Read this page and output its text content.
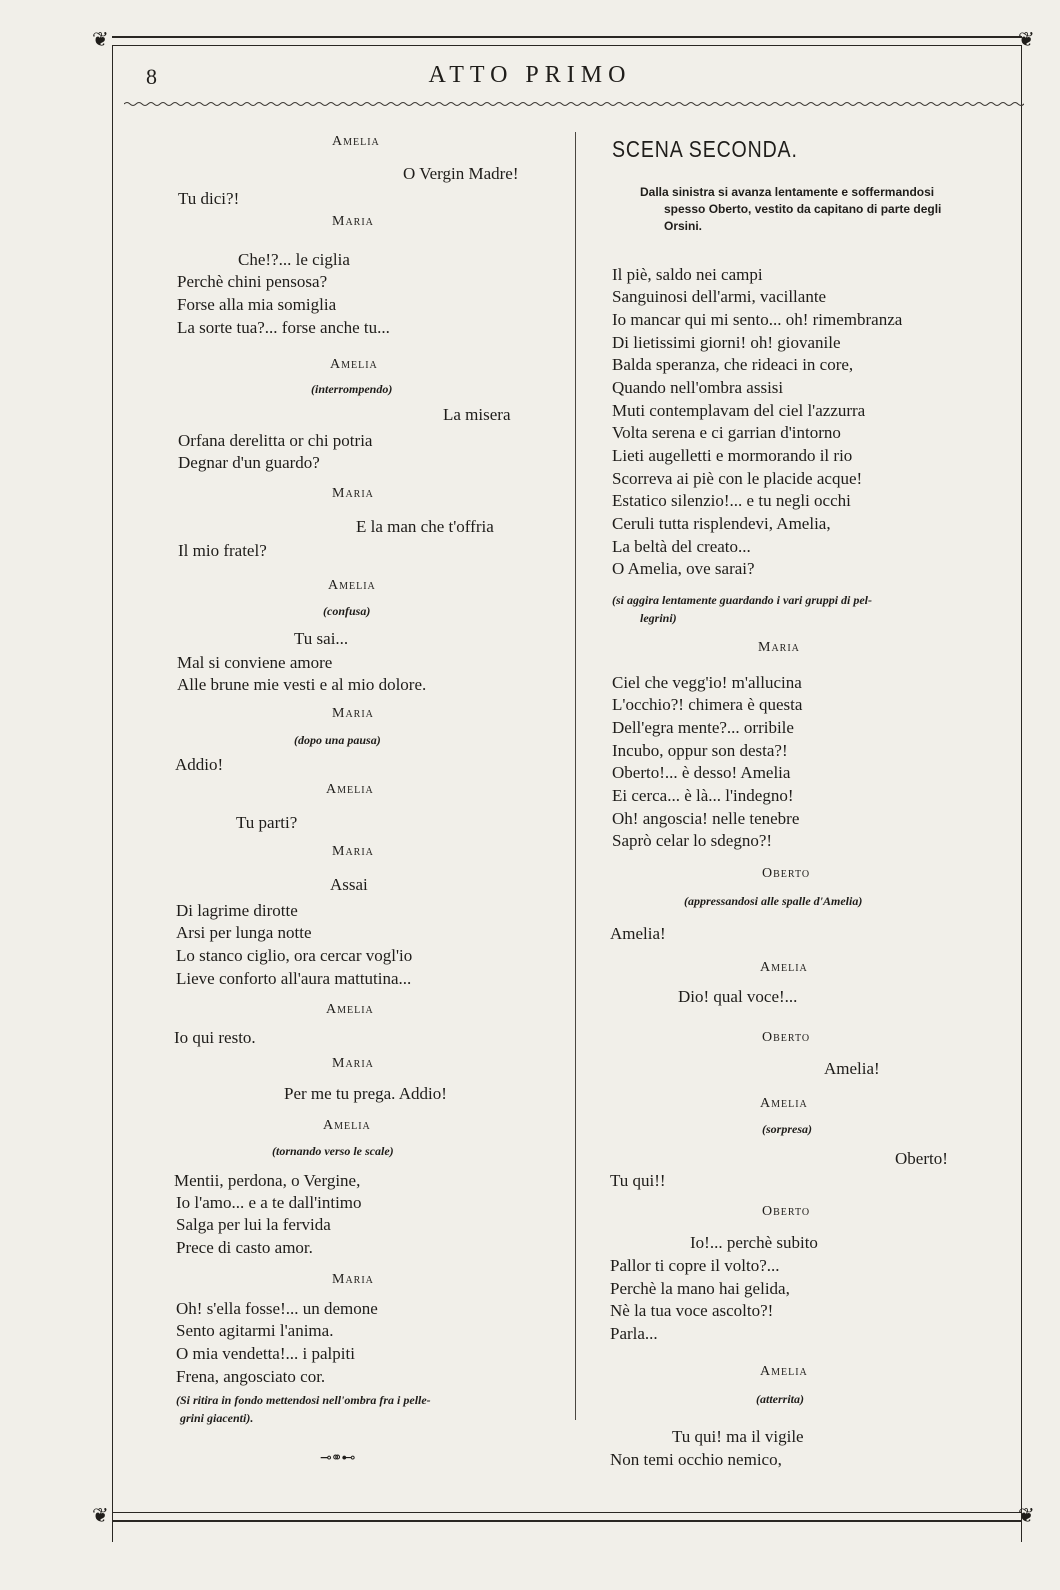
❦	❦
❦	❦
8	ATTO PRIMO
Amelia
O Vergin Madre!
Tu dici?!
Maria
Che!?... le ciglia
Perchè chini pensosa?
Forse alla mia somiglia
La sorte tua?... forse anche tu...
Amelia
(interrompendo)
La misera
Orfana derelitta or chi potria
Degnar d'un guardo?
Maria
E la man che t'offria
Il mio fratel?
Amelia
(confusa)
Tu sai...
Mal si conviene amore
Alle brune mie vesti e al mio dolore.
Maria
(dopo una pausa)
Addio!
Amelia
Tu parti?
Maria
Assai
Di lagrime dirotte
Arsi per lunga notte
Lo stanco ciglio, ora cercar vogl'io
Lieve conforto all'aura mattutina...
Amelia
Io qui resto.
Maria
Per me tu prega. Addio!
Amelia
(tornando verso le scale)
Mentii, perdona, o Vergine,
Io l'amo... e a te dall'intimo
Salga per lui la fervida
Prece di casto amor.
Maria
Oh! s'ella fosse!... un demone
Sento agitarmi l'anima.
O mia vendetta!... i palpiti
Frena, angosciato cor.
(Si ritira in fondo mettendosi nell'ombra fra i pelle-
grini giacenti).
SCENA SECONDA.
Dalla sinistra si avanza lentamente e soffermandosi
spesso Oberto, vestito da capitano di parte degli
Orsini.
Il piè, saldo nei campi
Sanguinosi dell'armi, vacillante
Io mancar qui mi sento... oh! rimembranza
Di lietissimi giorni! oh! giovanile
Balda speranza, che rideaci in core,
Quando nell'ombra assisi
Muti contemplavam del ciel l'azzurra
Volta serena e ci garrian d'intorno
Lieti augelletti e mormorando il rio
Scorreva ai piè con le placide acque!
Estatico silenzio!... e tu negli occhi
Ceruli tutta risplendevi, Amelia,
La beltà del creato...
O Amelia, ove sarai?
(si aggira lentamente guardando i vari gruppi di pel-
legrini)
Maria
Ciel che vegg'io! m'allucina
L'occhio?! chimera è questa
Dell'egra mente?... orribile
Incubo, oppur son desta?!
Oberto!... è desso! Amelia
Ei cerca... è là... l'indegno!
Oh! angoscia! nelle tenebre
Saprò celar lo sdegno?!
Oberto
(appressandosi alle spalle d'Amelia)
Amelia!
Amelia
Dio! qual voce!...
Oberto
Amelia!
Amelia
(sorpresa)
Oberto!
Tu qui!!
Oberto
Io!... perchè subito
Pallor ti copre il volto?...
Perchè la mano hai gelida,
Nè la tua voce ascolto?!
Parla...
Amelia
(atterrita)
Tu qui! ma il vigile
Non temi occhio nemico,
⊸⚭⊷
